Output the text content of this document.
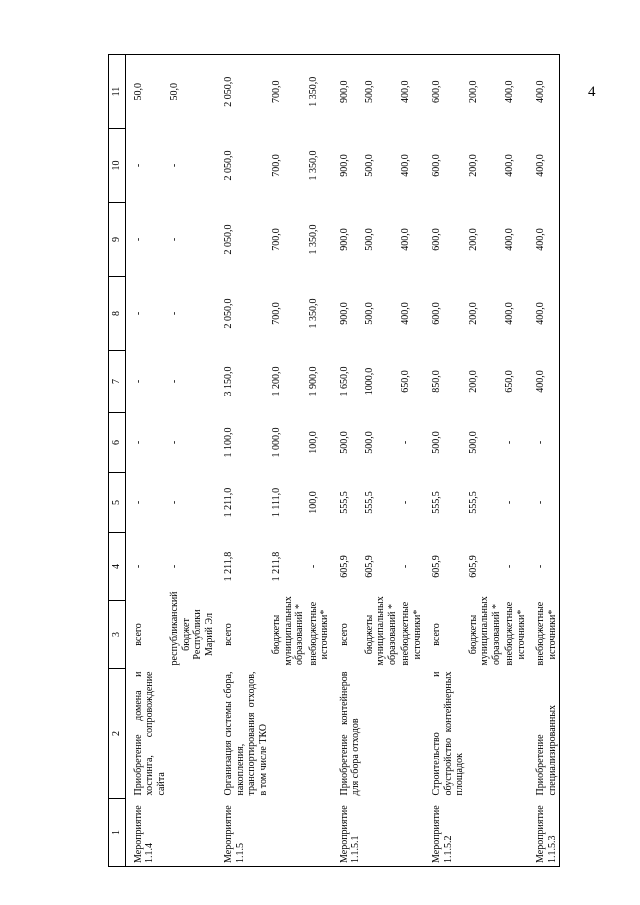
4
1	2	3	4	5	6	7	8	9	10	11
Мероприятие 1.1.4	Приобретение домена и хостинга, сопровождение сайта	всего	-	-	-	-	-	-	-	50,0
		республиканский бюджет Республики Марий Эл	-	-	-	-	-	-	-	50,0
Мероприятие 1.1.5	Организация системы сбора, накопления, транспортирования отходов, в том числе ТКО	всего	1 211,8	1 211,0	1 100,0	3 150,0	2 050,0	2 050,0	2 050,0	2 050,0
		бюджеты муниципальных образований *	1 211,8	1 111,0	1 000,0	1 200,0	700,0	700,0	700,0	700,0
		внебюджетные источники*	-	100,0	100,0	1 900,0	1 350,0	1 350,0	1 350,0	1 350,0
Мероприятие 1.1.5.1	Приобретение контейнеров для сбора отходов	всего	605,9	555,5	500,0	1 650,0	900,0	900,0	900,0	900,0
		бюджеты муниципальных образований *	605,9	555,5	500,0	1000,0	500,0	500,0	500,0	500,0
		внебюджетные источники*	-	-	-	650,0	400,0	400,0	400,0	400,0
Мероприятие 1.1.5.2	Строительство и обустройство контейнерных площадок	всего	605,9	555,5	500,0	850,0	600,0	600,0	600,0	600,0
		бюджеты муниципальных образований *	605,9	555,5	500,0	200,0	200,0	200,0	200,0	200,0
		внебюджетные источники*	-	-	-	650,0	400,0	400,0	400,0	400,0
Мероприятие 1.1.5.3	Приобретение специализированных	внебюджетные источники*	-	-	-	400,0	400,0	400,0	400,0	400,0
